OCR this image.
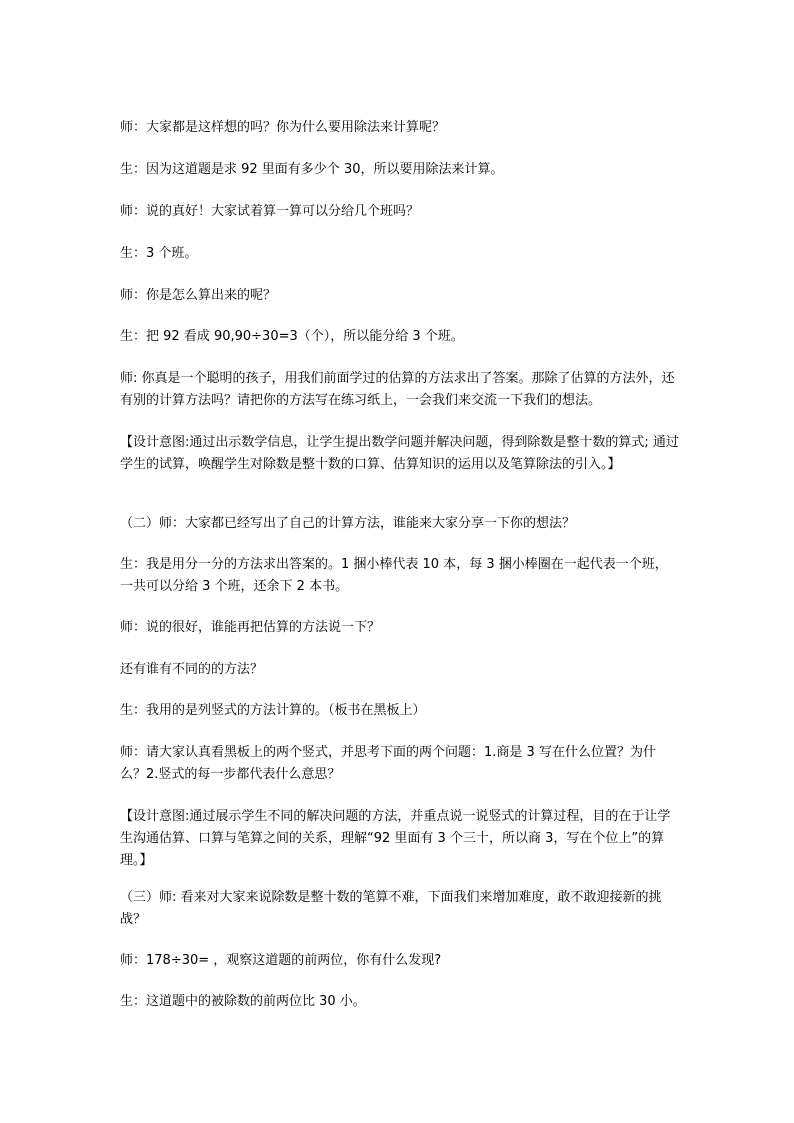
师：大家都是这样想的吗？你为什么要用除法来计算呢？

生：因为这道题是求 92 里面有多少个 30，所以要用除法来计算。

师：说的真好！大家试着算一算可以分给几个班吗？

生：3 个班。

师：你是怎么算出来的呢？

生：把 92 看成 90,90÷30=3（个），所以能分给 3 个班。

师: 你真是一个聪明的孩子，用我们前面学过的估算的方法求出了答案。那除了估算的方法外，还有别的计算方法吗？请把你的方法写在练习纸上，一会我们来交流一下我们的想法。

【设计意图:通过出示数学信息，让学生提出数学问题并解决问题，得到除数是整十数的算式; 通过学生的试算，唤醒学生对除数是整十数的口算、估算知识的运用以及笔算除法的引入。】

（二）师：大家都已经写出了自己的计算方法，谁能来大家分享一下你的想法？

生：我是用分一分的方法求出答案的。1 捆小棒代表 10 本，每 3 捆小棒圈在一起代表一个班，一共可以分给 3 个班，还余下 2 本书。

师：说的很好，谁能再把估算的方法说一下？

还有谁有不同的的方法？

生：我用的是列竖式的方法计算的。（板书在黑板上）

师：请大家认真看黑板上的两个竖式，并思考下面的两个问题：1.商是 3 写在什么位置？为什么？2.竖式的每一步都代表什么意思？

【设计意图:通过展示学生不同的解决问题的方法，并重点说一说竖式的计算过程，目的在于让学生沟通估算、口算与笔算之间的关系，理解“92 里面有 3 个三十，所以商 3，写在个位上”的算理。】

（三）师: 看来对大家来说除数是整十数的笔算不难，下面我们来增加难度，敢不敢迎接新的挑战？

师：178÷30= ，观察这道题的前两位，你有什么发现?

生：这道题中的被除数的前两位比 30 小。
